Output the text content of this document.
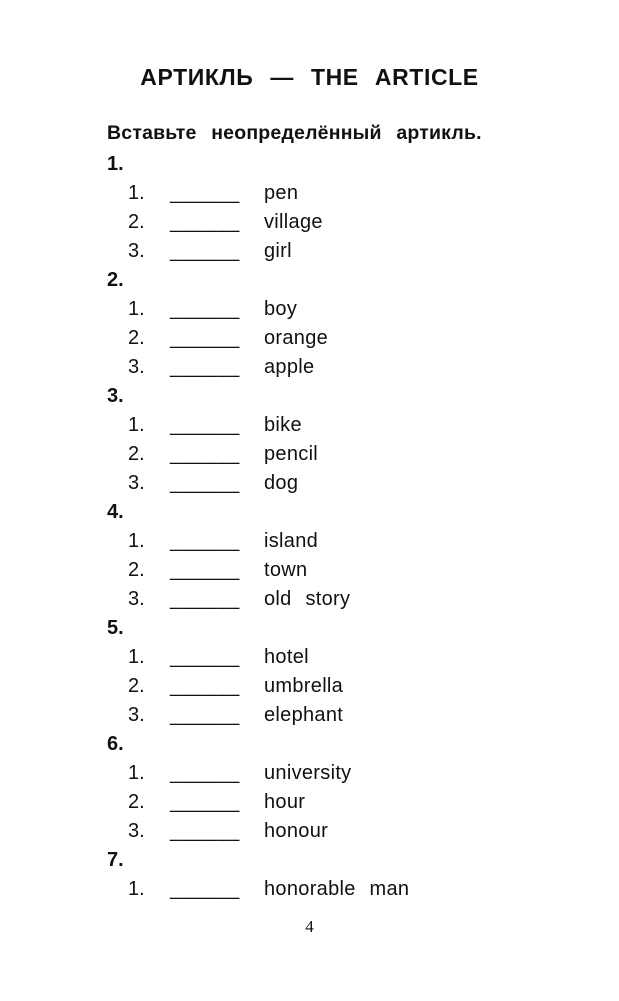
АРТИКЛЬ — THE ARTICLE
Вставьте неопределённый артикль.
1.
1. ______ pen
2. ______ village
3. ______ girl
2.
1. ______ boy
2. ______ orange
3. ______ apple
3.
1. ______ bike
2. ______ pencil
3. ______ dog
4.
1. ______ island
2. ______ town
3. ______ old story
5.
1. ______ hotel
2. ______ umbrella
3. ______ elephant
6.
1. ______ university
2. ______ hour
3. ______ honour
7.
1. ______ honorable man
4
